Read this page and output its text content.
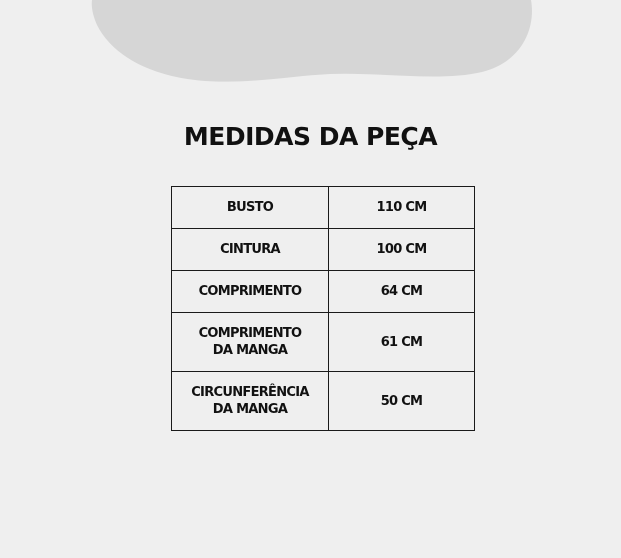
MEDIDAS DA PEÇA
BUSTO	110 CM

CINTURA	100 CM

COMPRIMENTO	64 CM

COMPRIMENTO
DA MANGA	61 CM

CIRCUNFERÊNCIA
DA MANGA	50 CM
